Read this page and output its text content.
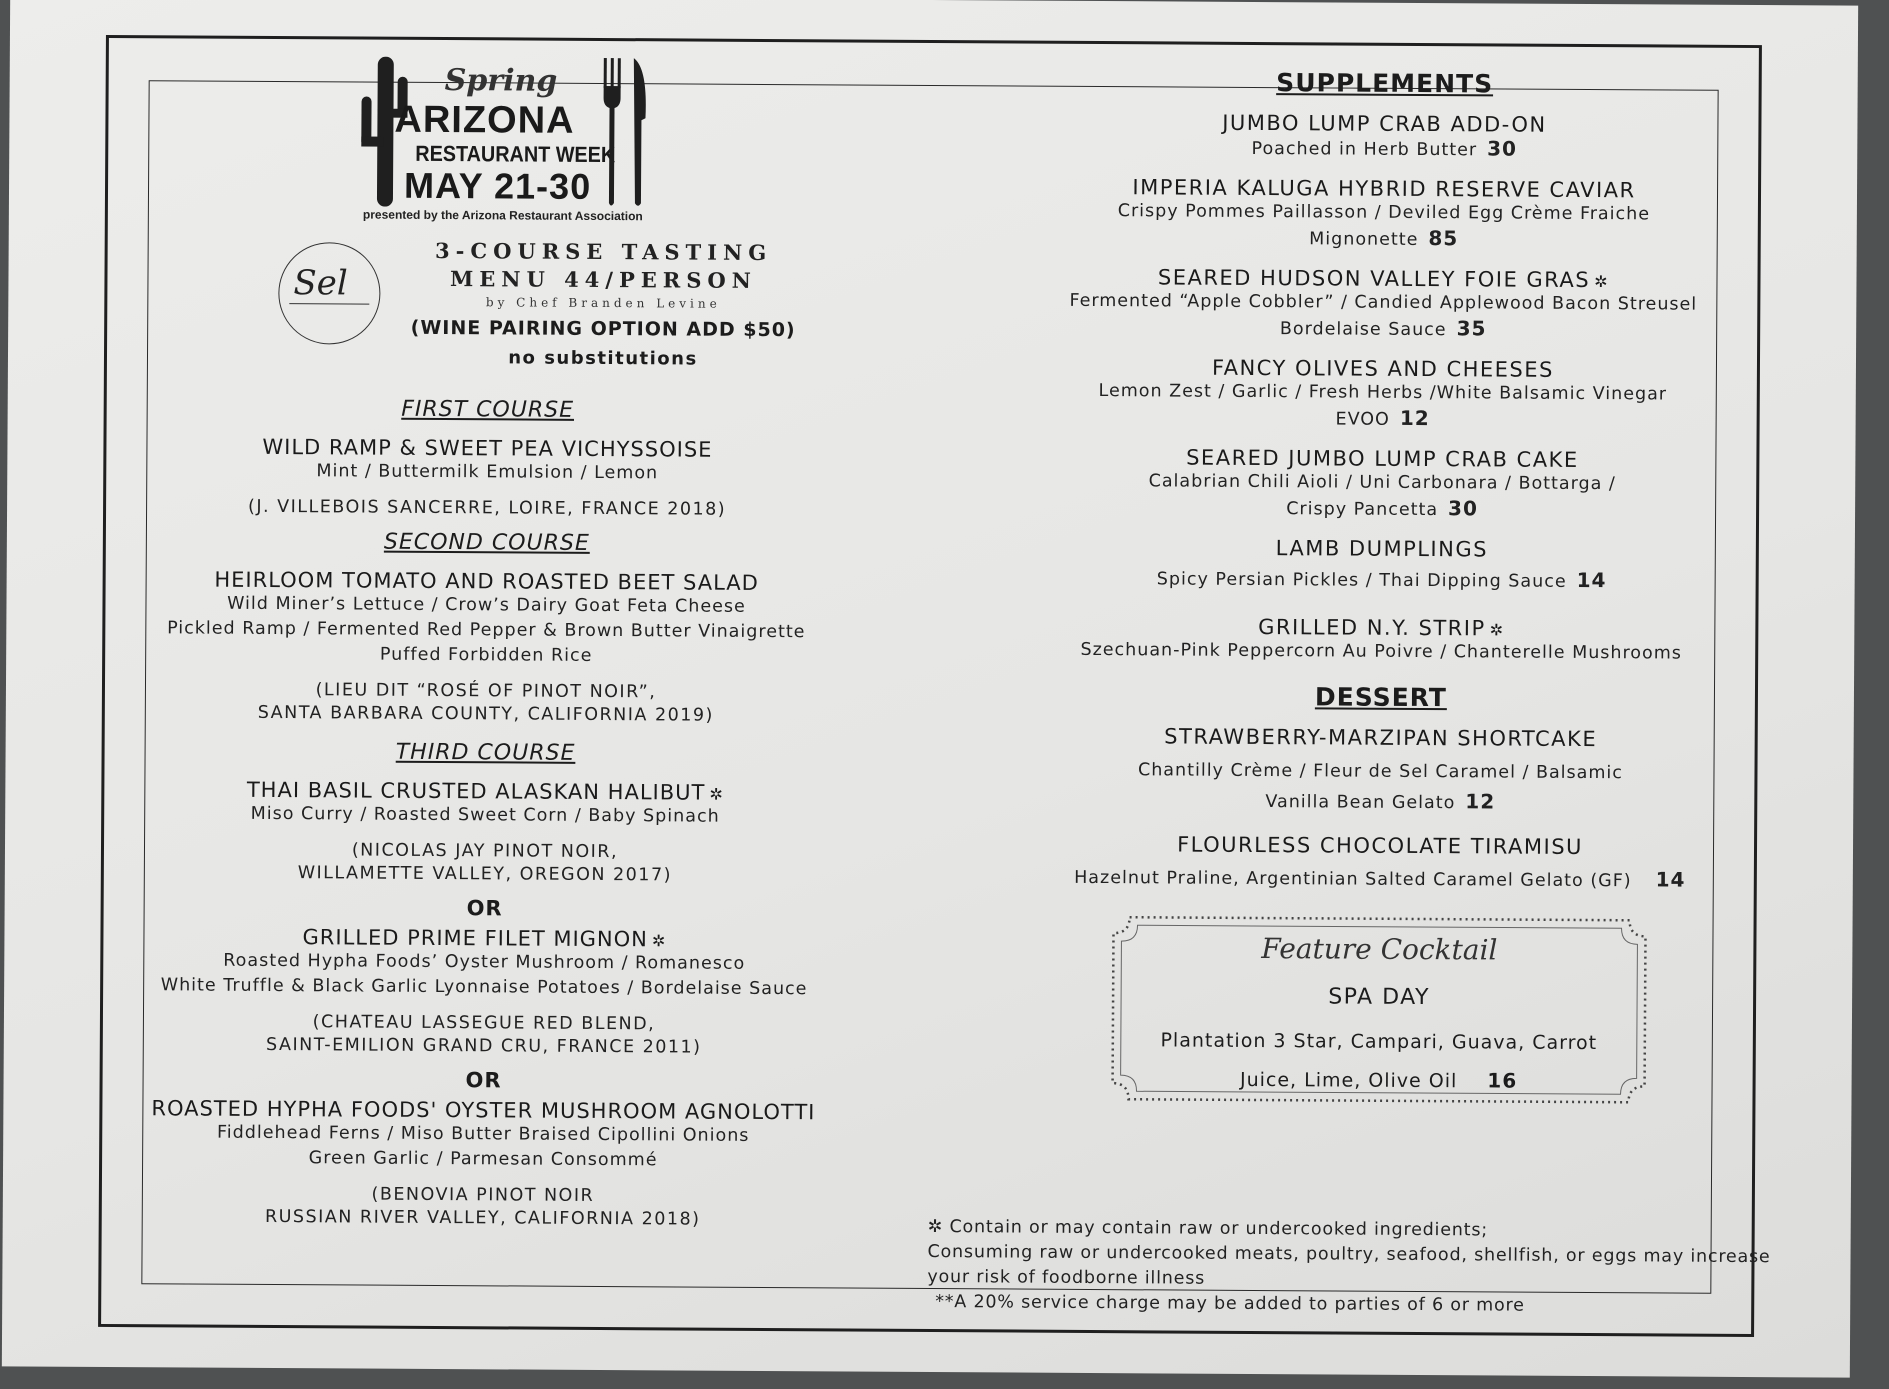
Spring
ARIZONA
RESTAURANT WEEK
MAY 21-30
presented by the Arizona Restaurant Association
Sel
3-COURSE TASTING
MENU 44/PERSON
by Chef Branden Levine
(WINE PAIRING OPTION ADD $50)
no substitutions
FIRST COURSE
WILD RAMP & SWEET PEA VICHYSSOISE
Mint / Buttermilk Emulsion / Lemon
(J. VILLEBOIS SANCERRE, LOIRE, FRANCE 2018)
SECOND COURSE
HEIRLOOM TOMATO AND ROASTED BEET SALAD
Wild Miner’s Lettuce / Crow’s Dairy Goat Feta Cheese
Pickled Ramp / Fermented Red Pepper & Brown Butter Vinaigrette
Puffed Forbidden Rice
(LIEU DIT “ROSÉ OF PINOT NOIR”,
SANTA BARBARA COUNTY, CALIFORNIA 2019)
THIRD COURSE
THAI BASIL CRUSTED ALASKAN HALIBUT ✲
Miso Curry / Roasted Sweet Corn / Baby Spinach
(NICOLAS JAY PINOT NOIR,
WILLAMETTE VALLEY, OREGON 2017)
OR
GRILLED PRIME FILET MIGNON ✲
Roasted Hypha Foods’ Oyster Mushroom / Romanesco
White Truffle & Black Garlic Lyonnaise Potatoes / Bordelaise Sauce
(CHATEAU LASSEGUE RED BLEND,
SAINT-EMILION GRAND CRU, FRANCE 2011)
OR
ROASTED HYPHA FOODS' OYSTER MUSHROOM AGNOLOTTI
Fiddlehead Ferns / Miso Butter Braised Cipollini Onions
Green Garlic / Parmesan Consommé
(BENOVIA PINOT NOIR
RUSSIAN RIVER VALLEY, CALIFORNIA 2018)
SUPPLEMENTS
JUMBO LUMP CRAB ADD-ON
Poached in Herb Butter 30
IMPERIA KALUGA HYBRID RESERVE CAVIAR
Crispy Pommes Paillasson / Deviled Egg Crème Fraiche
Mignonette 85
SEARED HUDSON VALLEY FOIE GRAS ✲
Fermented “Apple Cobbler” / Candied Applewood Bacon Streusel
Bordelaise Sauce 35
FANCY OLIVES AND CHEESES
Lemon Zest / Garlic / Fresh Herbs /White Balsamic Vinegar
EVOO 12
SEARED JUMBO LUMP CRAB CAKE
Calabrian Chili Aioli / Uni Carbonara / Bottarga /
Crispy Pancetta 30
LAMB DUMPLINGS
Spicy Persian Pickles / Thai Dipping Sauce 14
GRILLED N.Y. STRIP ✲
Szechuan-Pink Peppercorn Au Poivre / Chanterelle Mushrooms
DESSERT
STRAWBERRY-MARZIPAN SHORTCAKE
Chantilly Crème / Fleur de Sel Caramel / Balsamic
Vanilla Bean Gelato 12
FLOURLESS CHOCOLATE TIRAMISU
Hazelnut Praline, Argentinian Salted Caramel Gelato (GF) 14
Feature Cocktail
SPA DAY
Plantation 3 Star, Campari, Guava, Carrot
Juice, Lime, Olive Oil 16
✲ Contain or may contain raw or undercooked ingredients;
Consuming raw or undercooked meats, poultry, seafood, shellfish, or eggs may increase
your risk of foodborne illness
**A 20% service charge may be added to parties of 6 or more
